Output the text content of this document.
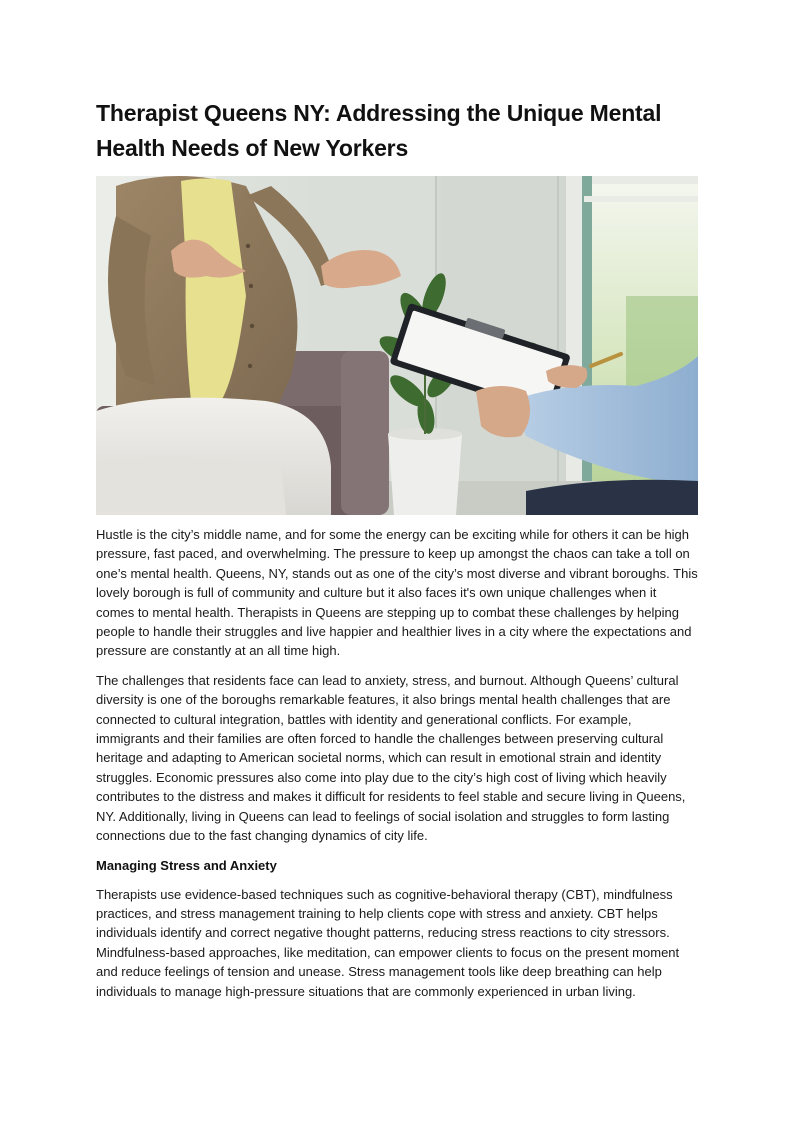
Therapist Queens NY: Addressing the Unique Mental Health Needs of New Yorkers

Hustle is the city’s middle name, and for some the energy can be exciting while for others it can be high pressure, fast paced, and overwhelming. The pressure to keep up amongst the chaos can take a toll on one’s mental health. Queens, NY, stands out as one of the city’s most diverse and vibrant boroughs. This lovely borough is full of community and culture but it also faces it's own unique challenges when it comes to mental health. Therapists in Queens are stepping up to combat these challenges by helping people to handle their struggles and live happier and healthier lives in a city where the expectations and pressure are constantly at an all time high.

The challenges that residents face can lead to anxiety, stress, and burnout. Although Queens’ cultural diversity is one of the boroughs remarkable features, it also brings mental health challenges that are connected to cultural integration, battles with identity and generational conflicts. For example, immigrants and their families are often forced to handle the challenges between preserving cultural heritage and adapting to American societal norms, which can result in emotional strain and identity struggles. Economic pressures also come into play due to the city’s high cost of living which heavily contributes to the distress and makes it difficult for residents to feel stable and secure living in Queens, NY. Additionally, living in Queens can lead to feelings of social isolation and struggles to form lasting connections due to the fast changing dynamics of city life.

Managing Stress and Anxiety

Therapists use evidence-based techniques such as cognitive-behavioral therapy (CBT), mindfulness practices, and stress management training to help clients cope with stress and anxiety. CBT helps individuals identify and correct negative thought patterns, reducing stress reactions to city stressors. Mindfulness-based approaches, like meditation, can empower clients to focus on the present moment and reduce feelings of tension and unease. Stress management tools like deep breathing can help individuals to manage high-pressure situations that are commonly experienced in urban living.
